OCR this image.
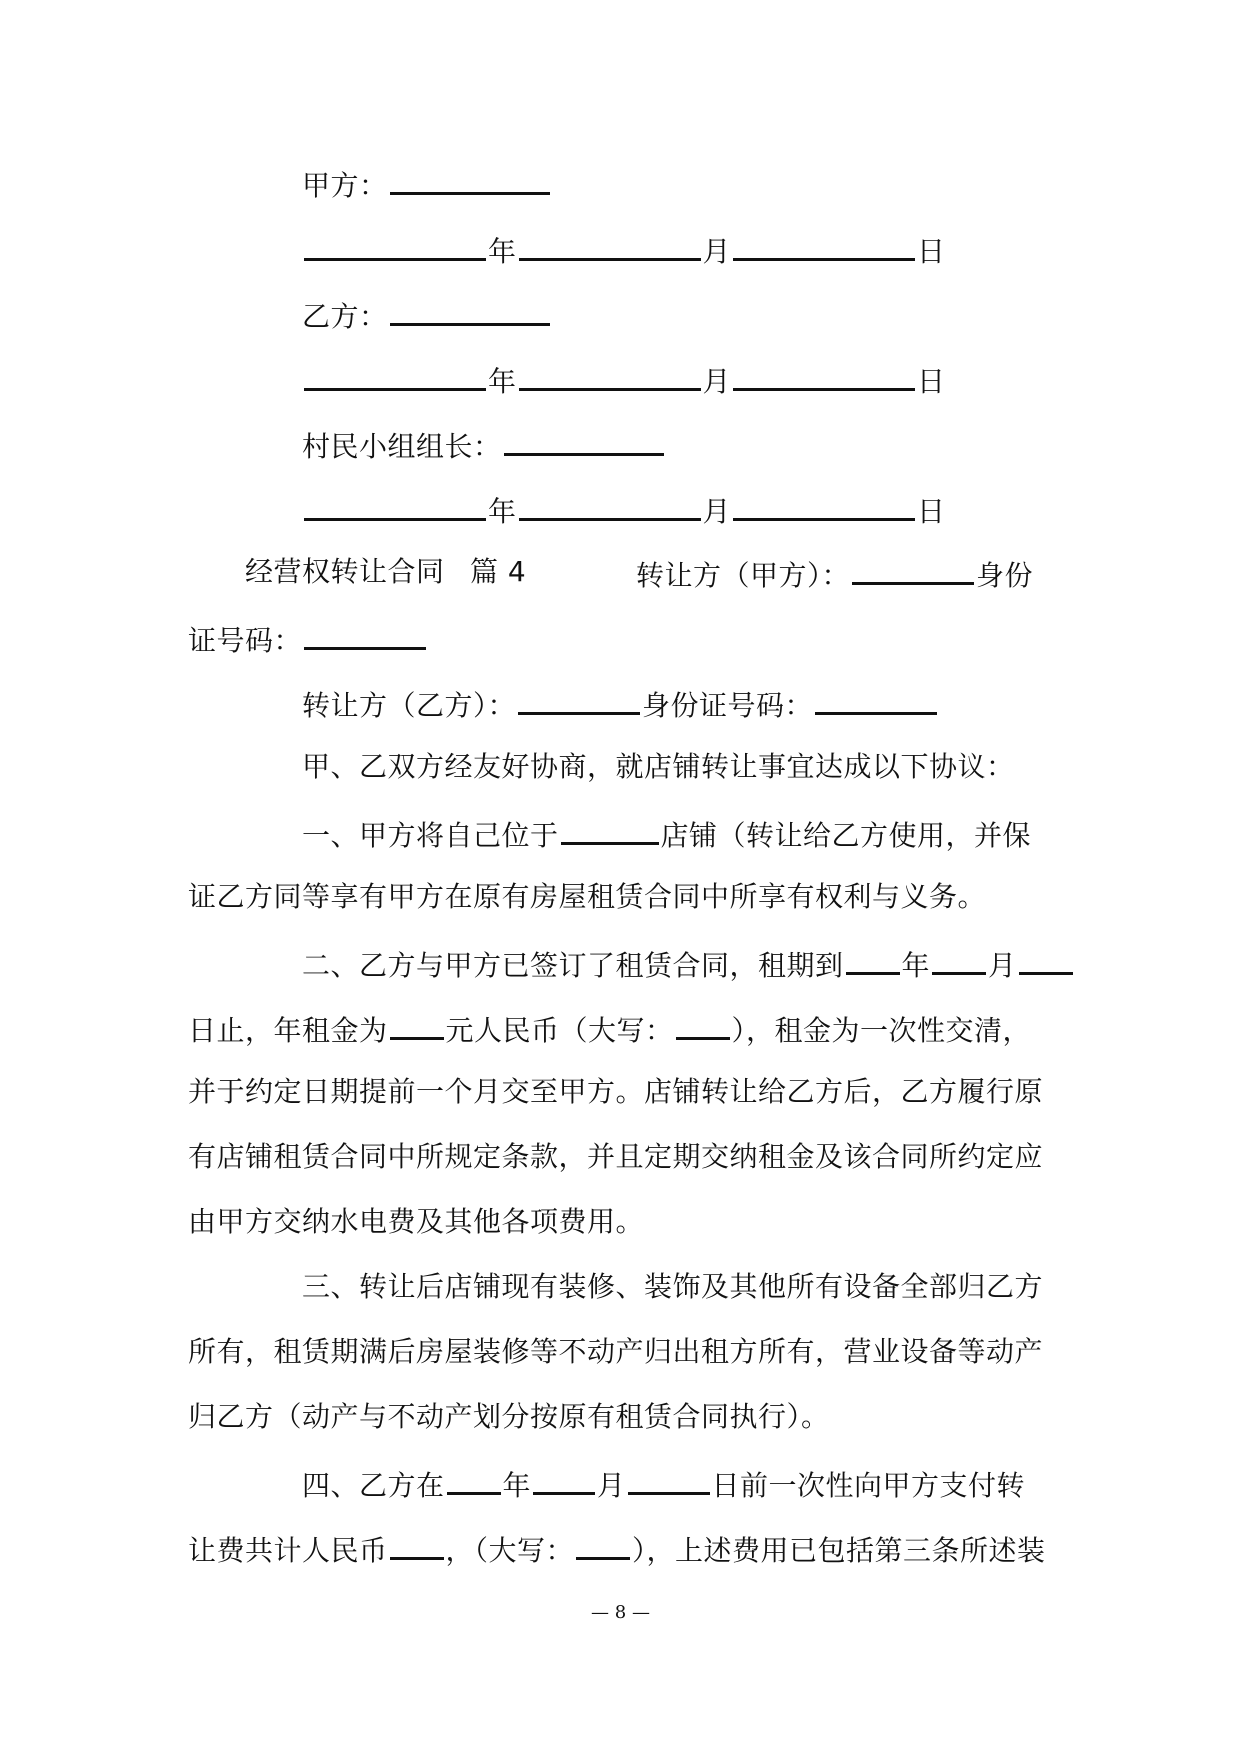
甲方：
年	月	日
乙方：
年	月	日
村民小组组长：
年	月	日
经营权转让合同 篇 4	转让方（甲方）：	身份
证号码：
转让方（乙方）：	身份证号码：
甲、乙双方经友好协商，就店铺转让事宜达成以下协议：
一、甲方将自己位于	店铺（转让给乙方使用，并保
证乙方同等享有甲方在原有房屋租赁合同中所享有权利与义务。
二、乙方与甲方已签订了租赁合同，租期到 年 月
日止，年租金为 元人民币（大写： ），租金为一次性交清，
并于约定日期提前一个月交至甲方。店铺转让给乙方后，乙方履行原
有店铺租赁合同中所规定条款，并且定期交纳租金及该合同所约定应
由甲方交纳水电费及其他各项费用。
三、转让后店铺现有装修、装饰及其他所有设备全部归乙方
所有，租赁期满后房屋装修等不动产归出租方所有，营业设备等动产
归乙方（动产与不动产划分按原有租赁合同执行）。
四、乙方在 年 月	日前一次性向甲方支付转
让费共计人民币 ，（大写： ），上述费用已包括第三条所述装
— 8 —
